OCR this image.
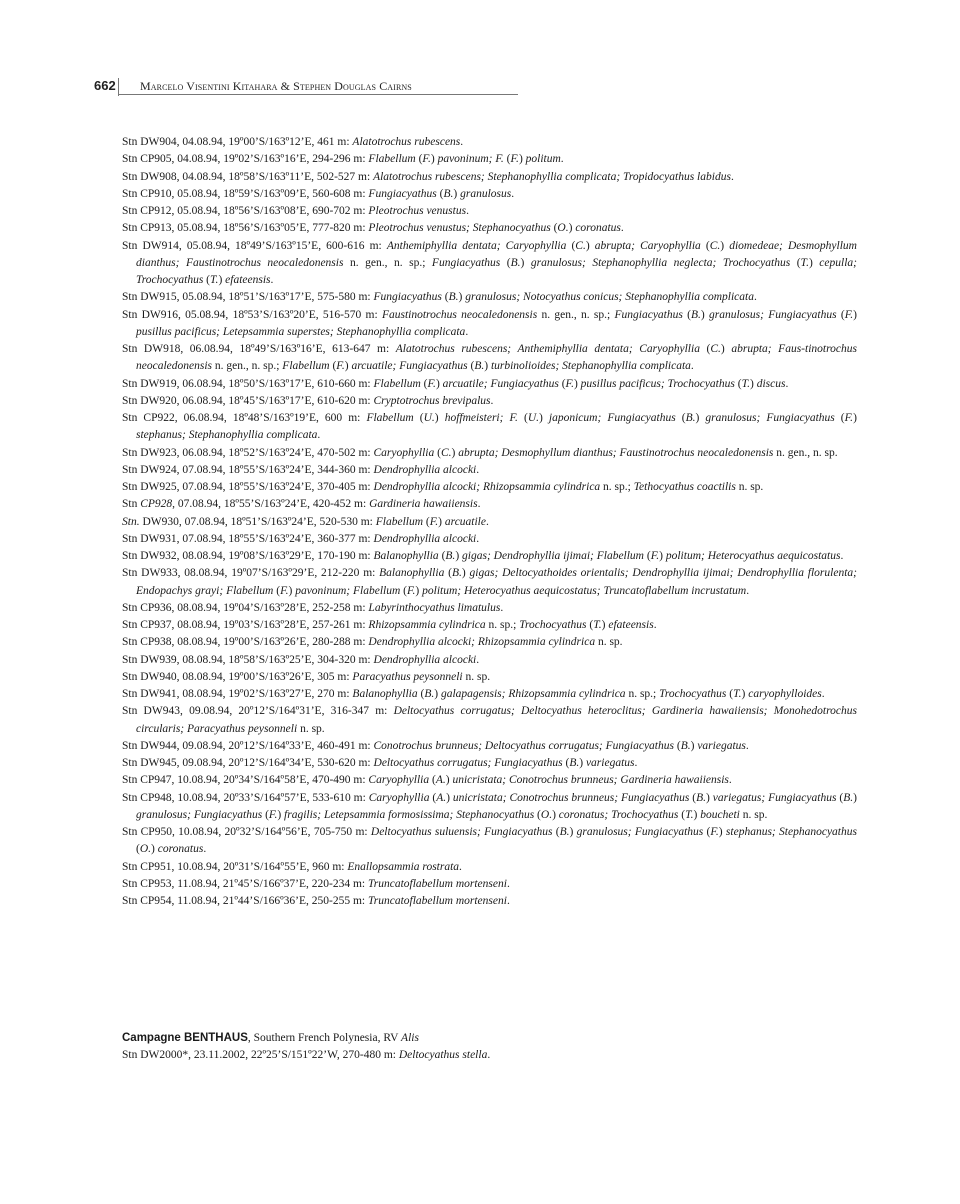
662 Marcelo Visentini Kitahara & Stephen Douglas Cairns
Stn DW904, 04.08.94, 19º00’S/163º12’E, 461 m: Alatotrochus rubescens.
Stn CP905, 04.08.94, 19º02’S/163º16’E, 294-296 m: Flabellum (F.) pavoninum; F. (F.) politum.
Stn DW908, 04.08.94, 18º58’S/163º11’E, 502-527 m: Alatotrochus rubescens; Stephanophyllia complicata; Tropidocyathus labidus.
Stn CP910, 05.08.94, 18º59’S/163º09’E, 560-608 m: Fungiacyathus (B.) granulosus.
Stn CP912, 05.08.94, 18º56’S/163º08’E, 690-702 m: Pleotrochus venustus.
Stn CP913, 05.08.94, 18º56’S/163º05’E, 777-820 m: Pleotrochus venustus; Stephanocyathus (O.) coronatus.
Stn DW914, 05.08.94, 18º49’S/163º15’E, 600-616 m: Anthemiphyllia dentata; Caryophyllia (C.) abrupta; Caryophyllia (C.) diomedeae; Desmophyllum dianthus; Faustinotrochus neocaledonensis n. gen., n. sp.; Fungiacyathus (B.) granulosus; Stephanophyllia neglecta; Trochocyathus (T.) cepulla; Trochocyathus (T.) efateensis.
Stn DW915, 05.08.94, 18º51’S/163º17’E, 575-580 m: Fungiacyathus (B.) granulosus; Notocyathus conicus; Stephanophyllia complicata.
Stn DW916, 05.08.94, 18º53’S/163º20’E, 516-570 m: Faustinotrochus neocaledonensis n. gen., n. sp.; Fungiacyathus (B.) granulosus; Fungiacyathus (F.) pusillus pacificus; Letepsammia superstes; Stephanophyllia complicata.
Stn DW918, 06.08.94, 18º49’S/163º16’E, 613-647 m: Alatotrochus rubescens; Anthemiphyllia dentata; Caryophyllia (C.) abrupta; Faus-tinotrochus neocaledonensis n. gen., n. sp.; Flabellum (F.) arcuatile; Fungiacyathus (B.) turbinolioides; Stephanophyllia complicata.
Stn DW919, 06.08.94, 18º50’S/163º17’E, 610-660 m: Flabellum (F.) arcuatile; Fungiacyathus (F.) pusillus pacificus; Trochocyathus (T.) discus.
Stn DW920, 06.08.94, 18º45’S/163º17’E, 610-620 m: Cryptotrochus brevipalus.
Stn CP922, 06.08.94, 18º48’S/163º19’E, 600 m: Flabellum (U.) hoffmeisteri; F. (U.) japonicum; Fungiacyathus (B.) granulosus; Fungiacyathus (F.) stephanus; Stephanophyllia complicata.
Stn DW923, 06.08.94, 18º52’S/163º24’E, 470-502 m: Caryophyllia (C.) abrupta; Desmophyllum dianthus; Faustinotrochus neocaledonensis n. gen., n. sp.
Stn DW924, 07.08.94, 18º55’S/163º24’E, 344-360 m: Dendrophyllia alcocki.
Stn DW925, 07.08.94, 18º55’S/163º24’E, 370-405 m: Dendrophyllia alcocki; Rhizopsammia cylindrica n. sp.; Tethocyathus coactilis n. sp.
Stn CP928, 07.08.94, 18º55’S/163º24’E, 420-452 m: Gardineria hawaiiensis.
Stn. DW930, 07.08.94, 18º51’S/163º24’E, 520-530 m: Flabellum (F.) arcuatile.
Stn DW931, 07.08.94, 18º55’S/163º24’E, 360-377 m: Dendrophyllia alcocki.
Stn DW932, 08.08.94, 19º08’S/163º29’E, 170-190 m: Balanophyllia (B.) gigas; Dendrophyllia ijimai; Flabellum (F.) politum; Heterocyathus aequicostatus.
Stn DW933, 08.08.94, 19º07’S/163º29’E, 212-220 m: Balanophyllia (B.) gigas; Deltocyathoides orientalis; Dendrophyllia ijimai; Dendrophyllia florulenta; Endopachys grayi; Flabellum (F.) pavoninum; Flabellum (F.) politum; Heterocyathus aequicostatus; Truncatoflabellum incrustatum.
Stn CP936, 08.08.94, 19º04’S/163º28’E, 252-258 m: Labyrinthocyathus limatulus.
Stn CP937, 08.08.94, 19º03’S/163º28’E, 257-261 m: Rhizopsammia cylindrica n. sp.; Trochocyathus (T.) efateensis.
Stn CP938, 08.08.94, 19º00’S/163º26’E, 280-288 m: Dendrophyllia alcocki; Rhizopsammia cylindrica n. sp.
Stn DW939, 08.08.94, 18º58’S/163º25’E, 304-320 m: Dendrophyllia alcocki.
Stn DW940, 08.08.94, 19º00’S/163º26’E, 305 m: Paracyathus peysonneli n. sp.
Stn DW941, 08.08.94, 19º02’S/163º27’E, 270 m: Balanophyllia (B.) galapagensis; Rhizopsammia cylindrica n. sp.; Trochocyathus (T.) caryophylloides.
Stn DW943, 09.08.94, 20º12’S/164º31’E, 316-347 m: Deltocyathus corrugatus; Deltocyathus heteroclitus; Gardineria hawaiiensis; Monohedotrochus circularis; Paracyathus peysonneli n. sp.
Stn DW944, 09.08.94, 20º12’S/164º33’E, 460-491 m: Conotrochus brunneus; Deltocyathus corrugatus; Fungiacyathus (B.) variegatus.
Stn DW945, 09.08.94, 20º12’S/164º34’E, 530-620 m: Deltocyathus corrugatus; Fungiacyathus (B.) variegatus.
Stn CP947, 10.08.94, 20º34’S/164º58’E, 470-490 m: Caryophyllia (A.) unicristata; Conotrochus brunneus; Gardineria hawaiiensis.
Stn CP948, 10.08.94, 20º33’S/164º57’E, 533-610 m: Caryophyllia (A.) unicristata; Conotrochus brunneus; Fungiacyathus (B.) variegatus; Fungiacyathus (B.) granulosus; Fungiacyathus (F.) fragilis; Letepsammia formosissima; Stephanocyathus (O.) coronatus; Trochocyathus (T.) boucheti n. sp.
Stn CP950, 10.08.94, 20º32’S/164º56’E, 705-750 m: Deltocyathus suluensis; Fungiacyathus (B.) granulosus; Fungiacyathus (F.) stephanus; Stephanocyathus (O.) coronatus.
Stn CP951, 10.08.94, 20º31’S/164º55’E, 960 m: Enallopsammia rostrata.
Stn CP953, 11.08.94, 21º45’S/166º37’E, 220-234 m: Truncatoflabellum mortenseni.
Stn CP954, 11.08.94, 21º44’S/166º36’E, 250-255 m: Truncatoflabellum mortenseni.
Campagne BENTHAUS, Southern French Polynesia, RV Alis
Stn DW2000*, 23.11.2002, 22º25’S/151º22’W, 270-480 m: Deltocyathus stella.
